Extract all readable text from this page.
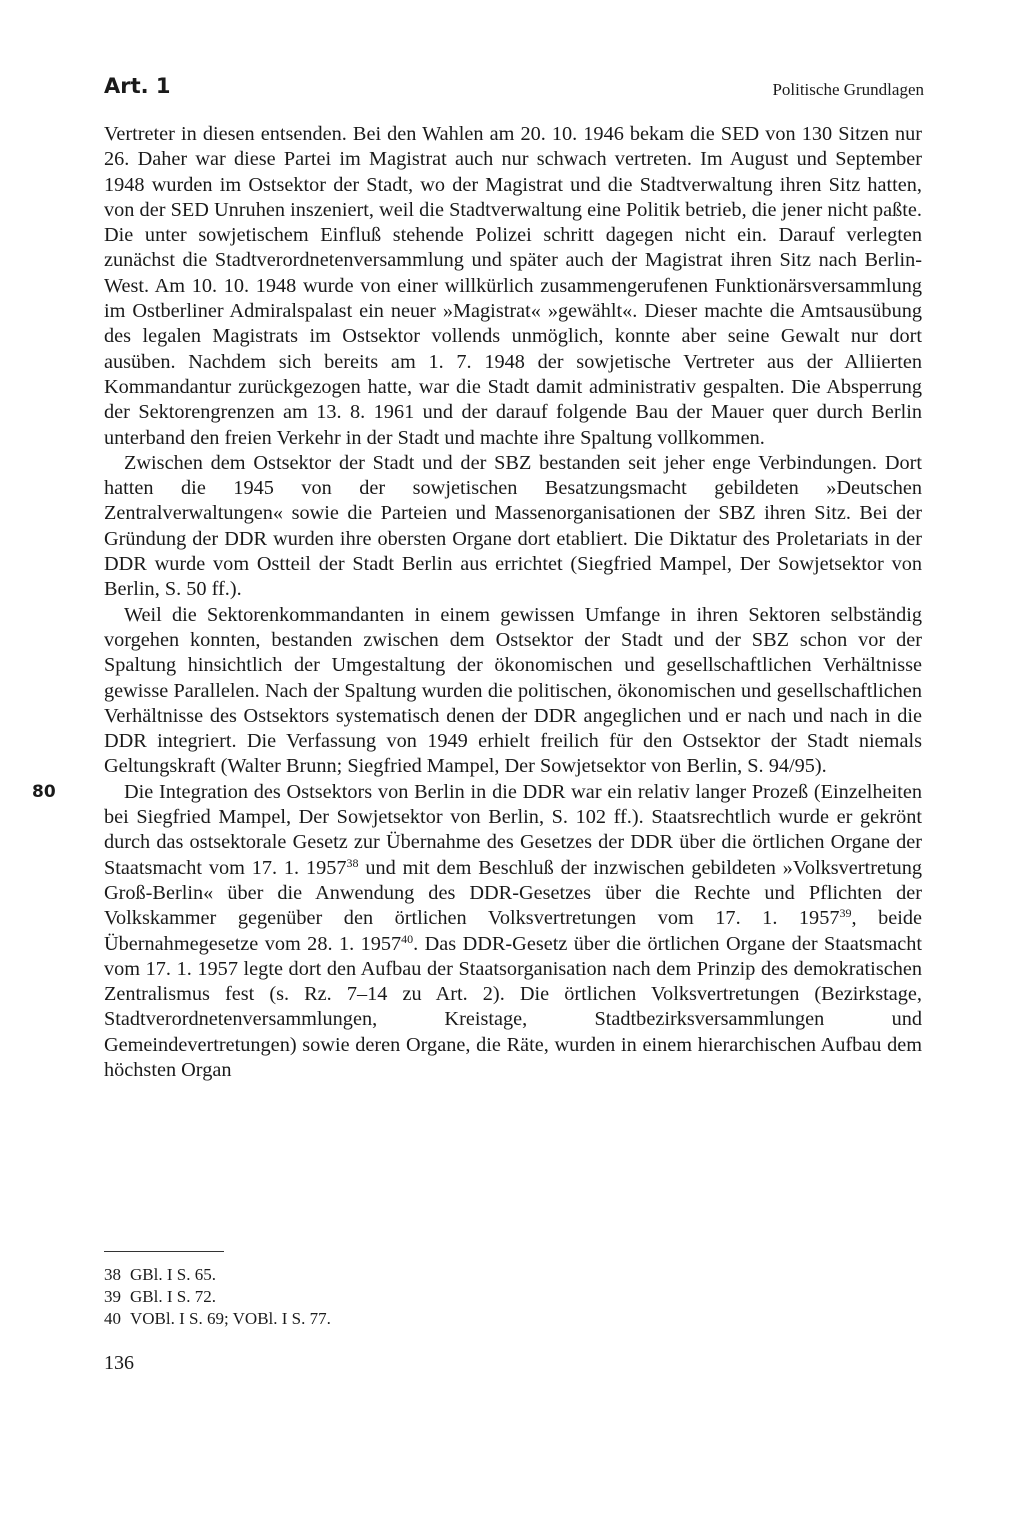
Art. 1	Politische Grundlagen

Vertreter in diesen entsenden. Bei den Wahlen am 20. 10. 1946 bekam die SED von 130 Sitzen nur 26. Daher war diese Partei im Magistrat auch nur schwach vertreten. Im August und September 1948 wurden im Ostsektor der Stadt, wo der Magistrat und die Stadtverwaltung ihren Sitz hatten, von der SED Unruhen inszeniert, weil die Stadtverwaltung eine Politik betrieb, die jener nicht paßte. Die unter sowjetischem Einfluß stehende Polizei schritt dagegen nicht ein. Darauf verlegten zunächst die Stadtverordnetenversammlung und später auch der Magistrat ihren Sitz nach Berlin-West. Am 10. 10. 1948 wurde von einer willkürlich zusammengerufenen Funktionärsversammlung im Ostberliner Admiralspalast ein neuer »Magistrat« »gewählt«. Dieser machte die Amtsausübung des legalen Magistrats im Ostsektor vollends unmöglich, konnte aber seine Gewalt nur dort ausüben. Nachdem sich bereits am 1. 7. 1948 der sowjetische Vertreter aus der Alliierten Kommandantur zurückgezogen hatte, war die Stadt damit administrativ gespalten. Die Absperrung der Sektorengrenzen am 13. 8. 1961 und der darauf folgende Bau der Mauer quer durch Berlin unterband den freien Verkehr in der Stadt und machte ihre Spaltung vollkommen.

Zwischen dem Ostsektor der Stadt und der SBZ bestanden seit jeher enge Verbindungen. Dort hatten die 1945 von der sowjetischen Besatzungsmacht gebildeten »Deutschen Zentralverwaltungen« sowie die Parteien und Massenorganisationen der SBZ ihren Sitz. Bei der Gründung der DDR wurden ihre obersten Organe dort etabliert. Die Diktatur des Proletariats in der DDR wurde vom Ostteil der Stadt Berlin aus errichtet (Siegfried Mampel, Der Sowjetsektor von Berlin, S. 50 ff.).

Weil die Sektorenkommandanten in einem gewissen Umfange in ihren Sektoren selbständig vorgehen konnten, bestanden zwischen dem Ostsektor der Stadt und der SBZ schon vor der Spaltung hinsichtlich der Umgestaltung der ökonomischen und gesellschaftlichen Verhältnisse gewisse Parallelen. Nach der Spaltung wurden die politischen, ökonomischen und gesellschaftlichen Verhältnisse des Ostsektors systematisch denen der DDR angeglichen und er nach und nach in die DDR integriert. Die Verfassung von 1949 erhielt freilich für den Ostsektor der Stadt niemals Geltungskraft (Walter Brunn; Siegfried Mampel, Der Sowjetsektor von Berlin, S. 94/95).

80	Die Integration des Ostsektors von Berlin in die DDR war ein relativ langer Prozeß (Einzelheiten bei Siegfried Mampel, Der Sowjetsektor von Berlin, S. 102 ff.). Staatsrechtlich wurde er gekrönt durch das ostsektorale Gesetz zur Übernahme des Gesetzes der DDR über die örtlichen Organe der Staatsmacht vom 17. 1. 1957$^{38}$ und mit dem Beschluß der inzwischen gebildeten »Volksvertretung Groß-Berlin« über die Anwendung des DDR-Gesetzes über die Rechte und Pflichten der Volkskammer gegenüber den örtlichen Volksvertretungen vom 17. 1. 1957$^{39}$, beide Übernahmegesetze vom 28. 1. 1957$^{40}$. Das DDR-Gesetz über die örtlichen Organe der Staatsmacht vom 17. 1. 1957 legte dort den Aufbau der Staatsorganisation nach dem Prinzip des demokratischen Zentralismus fest (s. Rz. 7–14 zu Art. 2). Die örtlichen Volksvertretungen (Bezirkstage, Stadtverordnetenversammlungen, Kreistage, Stadtbezirksversammlungen und Gemeindevertretungen) sowie deren Organe, die Räte, wurden in einem hierarchischen Aufbau dem höchsten Organ

38 GBl. I S. 65.
39 GBl. I S. 72.
40 VOBl. I S. 69; VOBl. I S. 77.
136
